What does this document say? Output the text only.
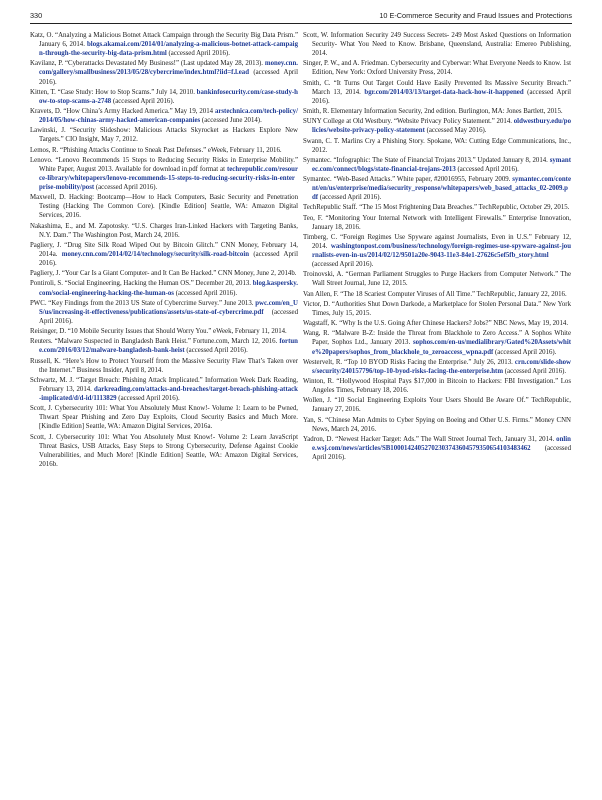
330	10 E-Commerce Security and Fraud Issues and Protections

Katz, O. “Analyzing a Malicious Botnet Attack Campaign through the Security Big Data Prism.” January 6, 2014. blogs.akamai.com/2014/01/analyzing-a-malicious-botnet-attack-campaign-through-the-security-big-data-prism.html (accessed April 2016).

Kavilanz, P. “Cyberattacks Devastated My Business!” (Last updated May 28, 2013). money.cnn.com/gallery/smallbusiness/2013/05/28/cybercrime/index.html?iid=f.l.ead (accessed April 2016).

Kitten, T. “Case Study: How to Stop Scams.” July 14, 2010. bankinfosecurity.com/case-study-how-to-stop-scams-a-2748 (accessed April 2016).

Kravets, D. “How China’s Army Hacked America.” May 19, 2014 arstechnica.com/tech-policy/2014/05/how-chinas-army-hacked-american-companies (accessed June 2014).

Lawinski, J. “Security Slideshow: Malicious Attacks Skyrocket as Hackers Explore New Targets.” CIO Insight, May 7, 2012.

Lemos, R. “Phishing Attacks Continue to Sneak Past Defenses.” eWeek, February 11, 2016.

Lenovo. “Lenovo Recommends 15 Steps to Reducing Security Risks in Enterprise Mobility.” White Paper, August 2013. Available for download in.pdf format at techrepublic.com/resource-library/whitepapers/lenovo-recommends-15-steps-to-reducing-security-risks-in-enterprise-mobility/post (accessed April 2016).

Maxwell, D. Hacking: Bootcamp—How to Hack Computers, Basic Security and Penetration Testing (Hacking The Common Core). [Kindle Edition] Seattle, WA: Amazon Digital Services, 2016.

Nakashima, E., and M. Zapotosky. “U.S. Charges Iran-Linked Hackers with Targeting Banks, N.Y. Dam.” The Washington Post, March 24, 2016.

Pagliery, J. “Drug Site Silk Road Wiped Out by Bitcoin Glitch.” CNN Money, February 14, 2014a. money.cnn.com/2014/02/14/technology/security/silk-road-bitcoin (accessed April 2016).

Pagliery, J. “Your Car Is a Giant Computer- and It Can Be Hacked.” CNN Money, June 2, 2014b.

Pontiroli, S. “Social Engineering, Hacking the Human OS.” December 20, 2013. blog.kaspersky.com/social-engineering-hacking-the-human-os (accessed April 2016).

PWC. “Key Findings from the 2013 US State of Cybercrime Survey.” June 2013. pwc.com/en_US/us/increasing-it-effectiveness/publications/assets/us-state-of-cybercrime.pdf (accessed April 2016).

Reisinger, D. “10 Mobile Security Issues that Should Worry You.” eWeek, February 11, 2014.

Reuters. “Malware Suspected in Bangladesh Bank Heist.” Fortune.com, March 12, 2016. fortune.com/2016/03/12/malware-bangladesh-bank-heist (accessed April 2016).

Russell, K. “Here’s How to Protect Yourself from the Massive Security Flaw That’s Taken over the Internet.” Business Insider, April 8, 2014.

Schwartz, M. J. “Target Breach: Phishing Attack Implicated.” Information Week Dark Reading, February 13, 2014. darkreading.com/attacks-and-breaches/target-breach-phishing-attack-implicated/d/d-id/1113829 (accessed April 2016).

Scott, J. Cybersecurity 101: What You Absolutely Must Know!- Volume 1: Learn to be Pwned, Thwart Spear Phishing and Zero Day Exploits, Cloud Security Basics and Much More. [Kindle Edition] Seattle, WA: Amazon Digital Services, 2016a.

Scott, J. Cybersecurity 101: What You Absolutely Must Know!- Volume 2: Learn JavaScript Threat Basics, USB Attacks, Easy Steps to Strong Cybersecurity, Defense Against Cookie Vulnerabilities, and Much More! [Kindle Edition] Seattle, WA: Amazon Digital Services, 2016b.

Scott, W. Information Security 249 Success Secrets- 249 Most Asked Questions on Information Security- What You Need to Know. Brisbane, Queensland, Australia: Emereo Publishing, 2014.

Singer, P. W., and A. Friedman. Cybersecurity and Cyberwar: What Everyone Needs to Know. 1st Edition, New York: Oxford University Press, 2014.

Smith, C. “It Turns Out Target Could Have Easily Prevented Its Massive Security Breach.” March 13, 2014. bgr.com/2014/03/13/target-data-hack-how-it-happened (accessed April 2016).

Smith, R. Elementary Information Security, 2nd edition. Burlington, MA: Jones Bartlett, 2015.

SUNY College at Old Westbury. “Website Privacy Policy Statement.” 2014. oldwestbury.edu/policies/website-privacy-policy-statement (accessed May 2016).

Swann, C. T. Marlins Cry a Phishing Story. Spokane, WA: Cutting Edge Communications, Inc., 2012.

Symantec. “Infographic: The State of Financial Trojans 2013.” Updated January 8, 2014. symantec.com/connect/blogs/state-financial-trojans-2013 (accessed April 2016).

Symantec. “Web-Based Attacks.” White paper, #20016955, February 2009. symantec.com/content/en/us/enterprise/media/security_response/whitepapers/web_based_attacks_02-2009.pdf (accessed April 2016).

TechRepublic Staff. “The 15 Most Frightening Data Breaches.” TechRepublic, October 29, 2015.

Teo, F. “Monitoring Your Internal Network with Intelligent Firewalls.” Enterprise Innovation, January 18, 2016.

Timberg, C. “Foreign Regimes Use Spyware against Journalists, Even in U.S.” February 12, 2014. washingtonpost.com/business/technology/foreign-regimes-use-spyware-against-journalists-even-in-us/2014/02/12/9501a20e-9043-11e3-84e1-27626c5ef5fb_story.html (accessed April 2016).

Troinovski, A. “German Parliament Struggles to Purge Hackers from Computer Network.” The Wall Street Journal, June 12, 2015.

Van Allen, F. “The 18 Scariest Computer Viruses of All Time.” TechRepublic, January 22, 2016.

Victor, D. “Authorities Shut Down Darkode, a Marketplace for Stolen Personal Data.” New York Times, July 15, 2015.

Wagstaff, K. “Why Is the U.S. Going After Chinese Hackers? Jobs?” NBC News, May 19, 2014.

Wang, R. “Malware B-Z: Inside the Threat from Blackhole to Zero Access.” A Sophos White Paper, Sophos Ltd., January 2013. sophos.com/en-us/medialibrary/Gated%20Assets/white%20papers/sophos_from_blackhole_to_zeroaccess_wpna.pdf (accessed April 2016).

Westervelt, R. “Top 10 BYOD Risks Facing the Enterprise.” July 26, 2013. crn.com/slide-shows/security/240157796/top-10-byod-risks-facing-the-enterprise.htm (accessed April 2016).

Winton, R. “Hollywood Hospital Pays $17,000 in Bitcoin to Hackers: FBI Investigation.” Los Angeles Times, February 18, 2016.

Wollen, J. “10 Social Engineering Exploits Your Users Should Be Aware Of.” TechRepublic, January 27, 2016.

Yan, S. “Chinese Man Admits to Cyber Spying on Boeing and Other U.S. Firms.” Money CNN News, March 24, 2016.

Yadron, D. “Newest Hacker Target: Ads.” The Wall Street Journal Tech, January 31, 2014. online.wsj.com/news/articles/SB10001424052702303743604579350654103483462 (accessed April 2016).
